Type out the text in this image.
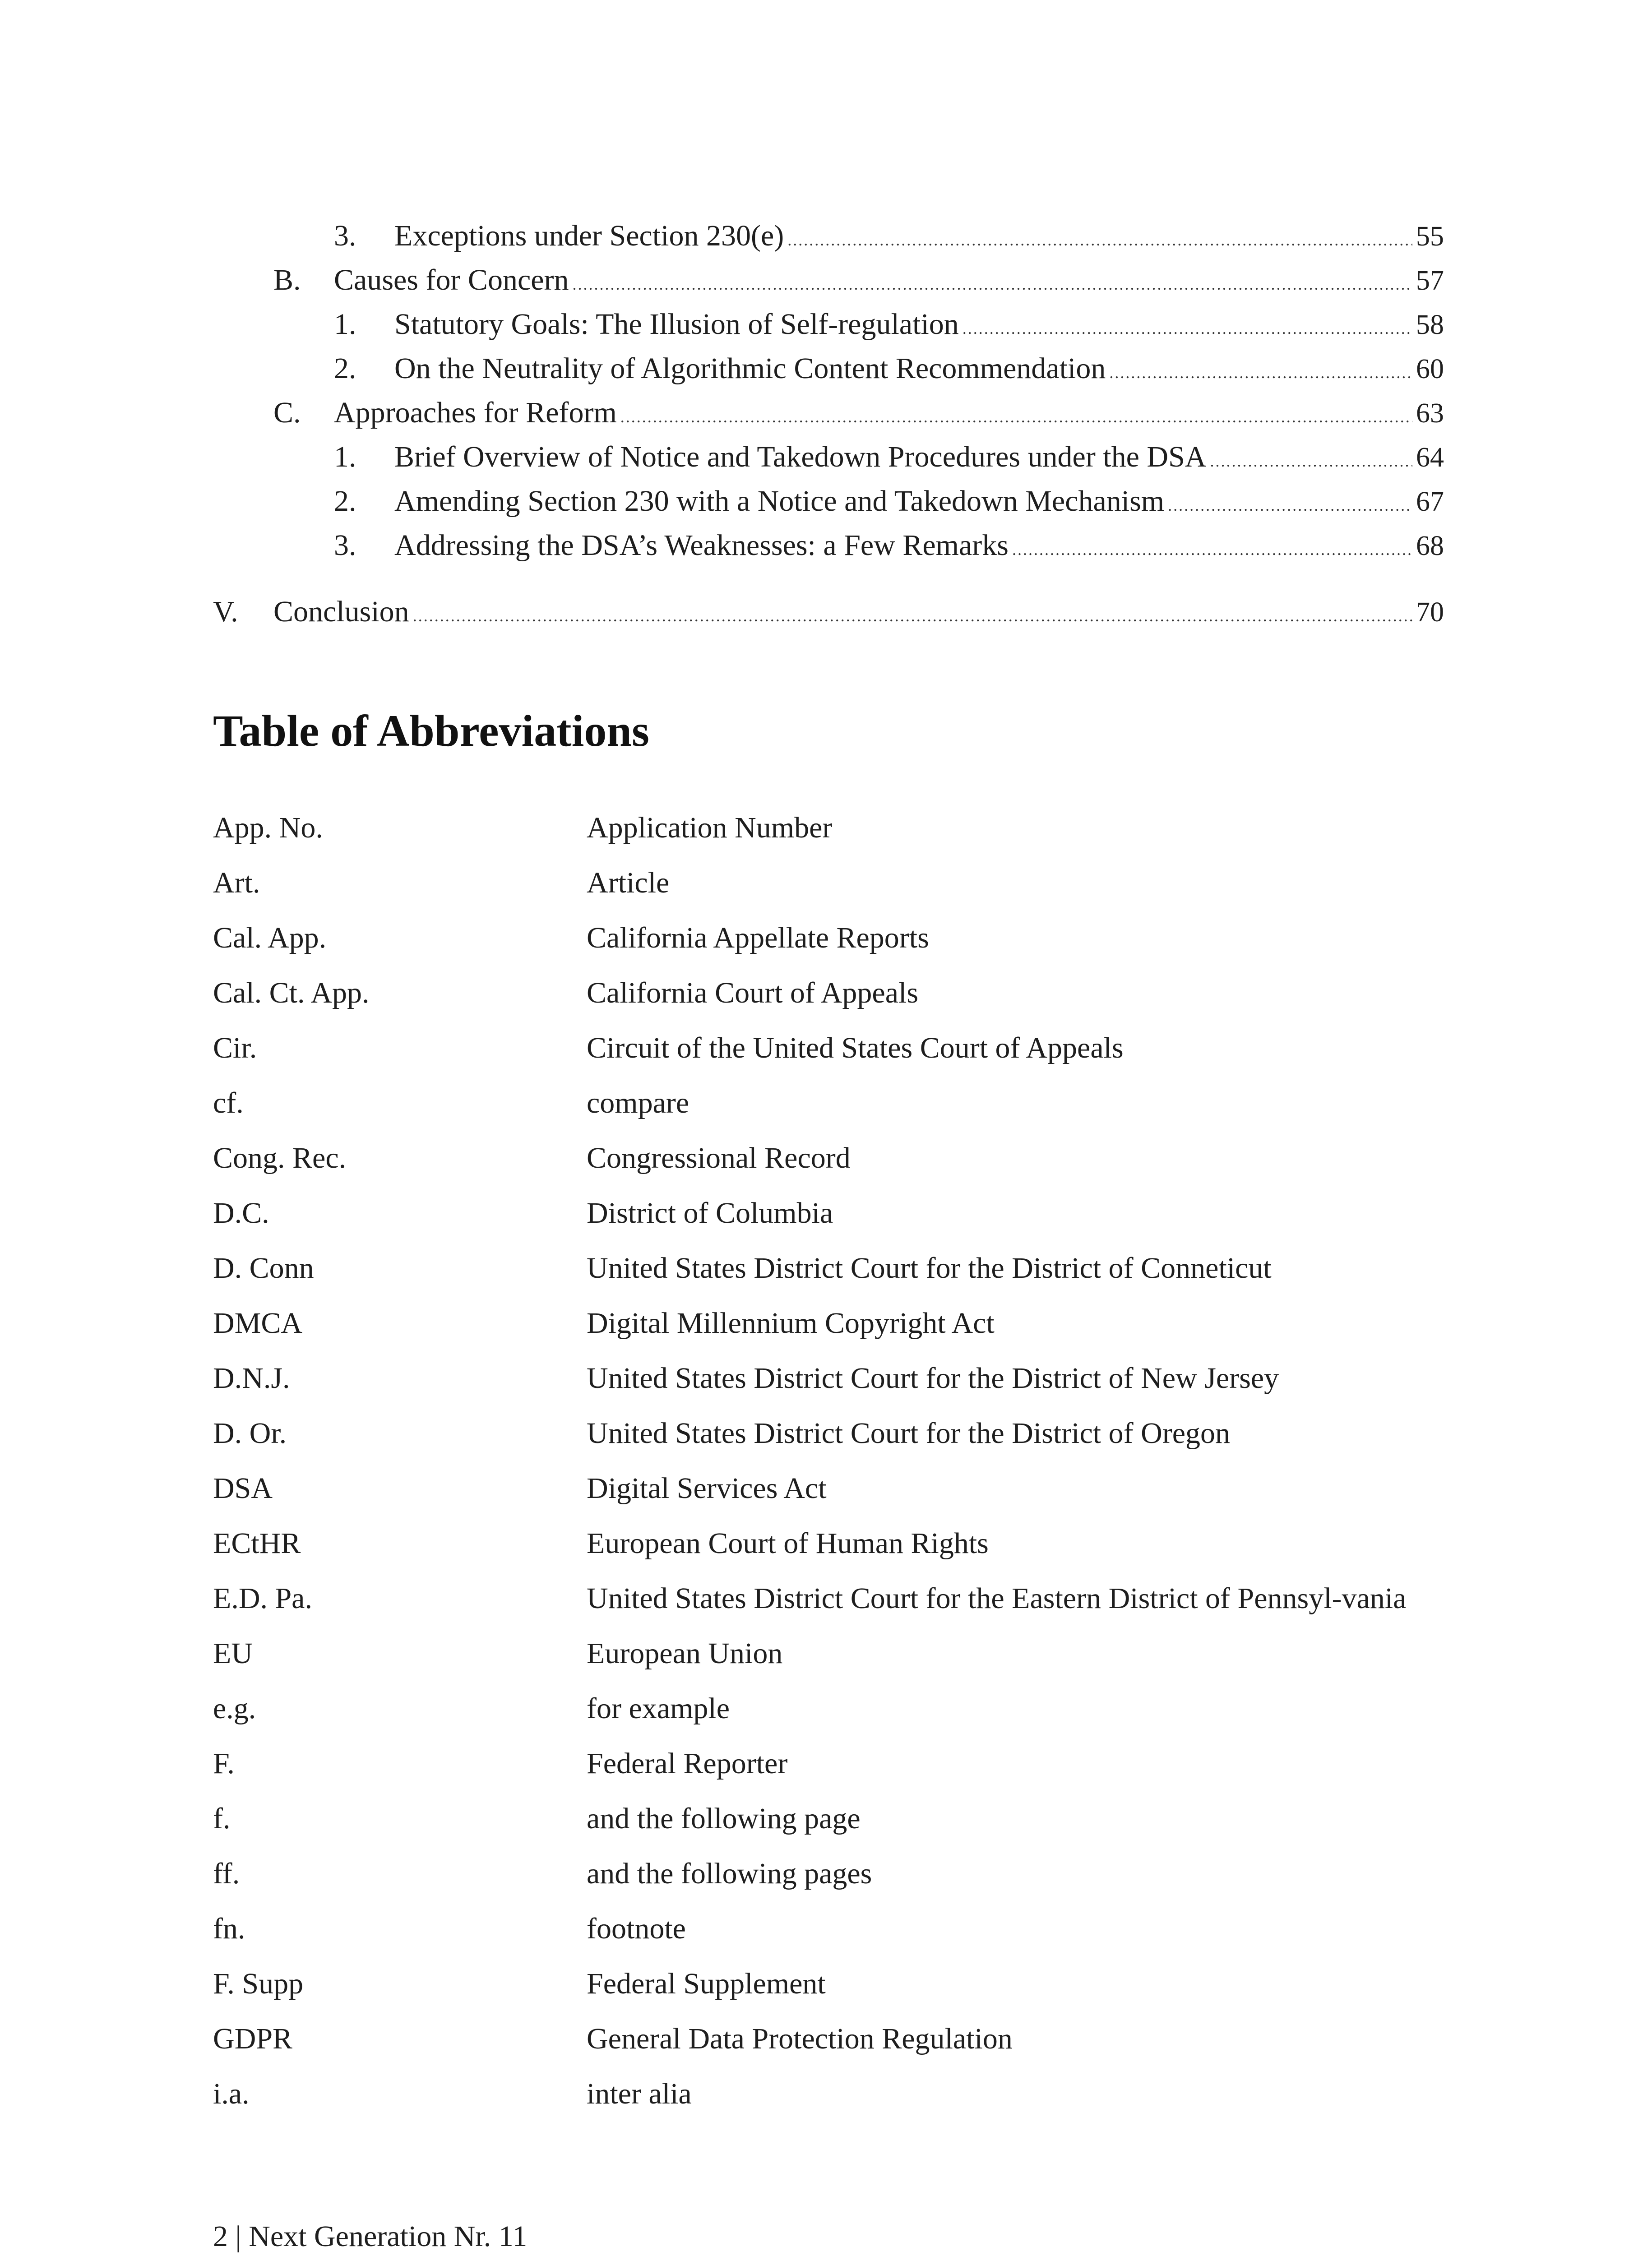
3.	Exceptions under Section 230(e) .....	55
B.	Causes for Concern .....	57
1.	Statutory Goals: The Illusion of Self-regulation .....	58
2.	On the Neutrality of Algorithmic Content Recommendation .....	60
C.	Approaches for Reform .....	63
1.	Brief Overview of Notice and Takedown Procedures under the DSA .....	64
2.	Amending Section 230 with a Notice and Takedown Mechanism .....	67
3.	Addressing the DSA’s Weaknesses: a Few Remarks .....	68
V.	Conclusion .....	70
Table of Abbreviations
App. No.	Application Number
Art.	Article
Cal. App.	California Appellate Reports
Cal. Ct. App.	California Court of Appeals
Cir.	Circuit of the United States Court of Appeals
cf.	compare
Cong. Rec.	Congressional Record
D.C.	District of Columbia
D. Conn	United States District Court for the District of Conneticut
DMCA	Digital Millennium Copyright Act
D.N.J.	United States District Court for the District of New Jersey
D. Or.	United States District Court for the District of Oregon
DSA	Digital Services Act
ECtHR	European Court of Human Rights
E.D. Pa.	United States District Court for the Eastern District of Pennsyl-vania
EU	European Union
e.g.	for example
F.	Federal Reporter
f.	and the following page
ff.	and the following pages
fn.	footnote
F. Supp	Federal Supplement
GDPR	General Data Protection Regulation
i.a.	inter alia
2 | Next Generation Nr. 11
